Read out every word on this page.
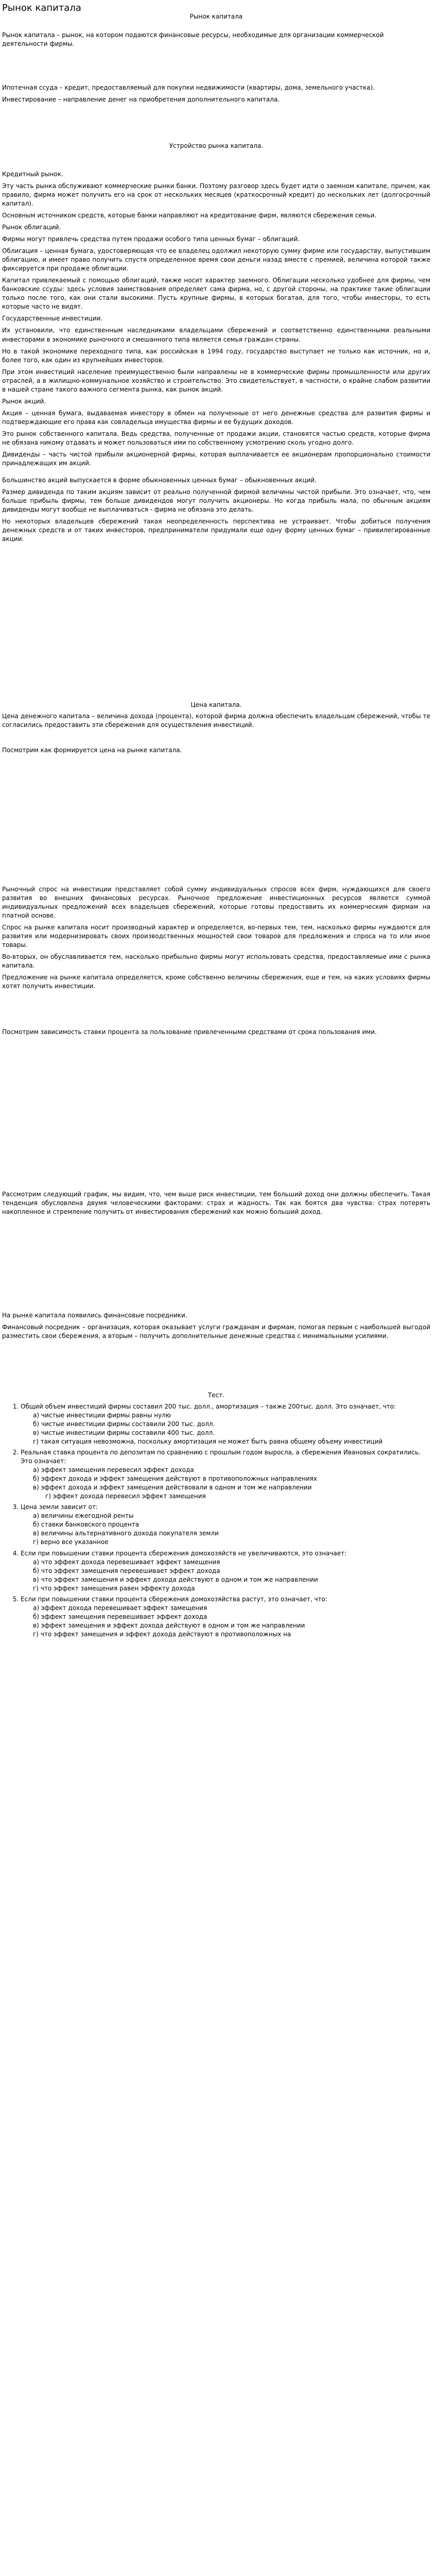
Рынок капитала
Рынок капитала

Рынок капитала – рынок, на котором подаются финансовые ресурсы, необходимые для организации коммерческой деятельности фирмы.

Ипотечная ссуда – кредит, предоставляемый для покупки недвижимости (квартиры, дома, земельного участка).

Инвестирование – направление денег на приобретения дополнительного капитала.

Устройство рынка капитала.

Кредитный рынок.

Эту часть рынка обслуживают коммерческие рынки банки. Поэтому разговор здесь будет идти о заемном капитале, причем, как правило, фирма может получить его на срок от нескольких месяцев (краткосрочный кредит) до нескольких лет (долгосрочный капитал).

Основным источником средств, которые банки направляют на кредитование фирм, являются сбережения семьи.

Рынок облигаций.

Фирмы могут привлечь средства путем продажи особого типа ценных бумаг – облигаций.

Облигация – ценная бумага, удостоверяющая что ее владелец одолжил некоторую сумму фирме или государству, выпустившим облигацию, и имеет право получить спустя определенное время свои деньги назад вместе с премией, величина которой также фиксируется при продаже облигации.

Капитал привлекаемый с помощью облигаций, также носит характер заемного. Облигации несколько удобнее для фирмы, чем банковские ссуды: здесь условия заимствования определяет сама фирма, но, с другой стороны, на практике такие облигации только после того, как они стали высокими. Пусть крупные фирмы, в которых богатая, для того, чтобы инвесторы, то есть которые часто не видят.

Государственные инвестиции.

Их установили, что единственным наследниками владельцами сбережений и соответственно единственными реальными инвесторами в экономике рыночного и смешанного типа является семья граждан страны.

Но в такой экономике переходного типа, как российская в 1994 году, государство выступает не только как источник, но и, более того, как один из крупнейших инвесторов.

При этом инвестиций население преимущественно были направлены не в коммерческие фирмы промышленности или других отраслей, а в жилищно-коммунальное хозяйство и строительство. Это свидетельствует, в частности, о крайне слабом развитии в нашей стране такого важного сегмента рынка, как рынок акций.

Рынок акций.

Акция – ценная бумага, выдаваемая инвестору в обмен на полученные от него денежные средства для развития фирмы и подтверждающие его права как совладельца имущества фирмы и ее будущих доходов.

Это рынок собственного капитала. Ведь средства, полученные от продажи акции, становятся частью средств, которые фирма не обязана никому отдавать и может пользоваться ими по собственному усмотрению сколь угодно долго.

Дивиденды – часть чистой прибыли акционерной фирмы, которая выплачивается ее акционерам пропорционально стоимости принадлежащих им акций.

Большинство акций выпускается в форме обыкновенных ценных бумаг – обыкновенных акций.

Размер дивиденда по таким акциям зависит от реально полученной фирмой величины чистой прибыли. Это означает, что, чем больше прибыль фирмы, тем больше дивидендов могут получить акционеры. Но когда прибыль мала, по обычным акциям дивиденды могут вообще не выплачиваться - фирма не обязана это делать.

Но некоторых владельцев сбережений такая неопределенность перспектива не устраивает. Чтобы добиться получения денежных средств и от таких инвесторов, предприниматели придумали еще одну форму ценных бумаг – привилегированные акции.

Цена капитала.

Цена денежного капитала – величина дохода (процента), которой фирма должна обеспечить владельцам сбережений, чтобы те согласились предоставить эти сбережения для осуществления инвестиций.

Посмотрим как формируется цена на рынке капитала.

Рыночный спрос на инвестиции представляет собой сумму индивидуальных спросов всех фирм, нуждающихся для своего развития во внешних финансовых ресурсах. Рыночное предложение инвестиционных ресурсов является суммой индивидуальных предложений всех владельцев сбережений, которые готовы предоставить их коммерческим фирмам на платной основе.

Спрос на рынке капитала носит производный характер и определяется, во-первых тем, тем, насколько фирмы нуждаются для развития или модернизировать своих производственных мощностей свои товаров для предложения и спроса на то или иное товары.

Во-вторых, он обуславливается тем, насколько прибыльно фирмы могут использовать средства, предоставляемые ими с рынка капитала.

Предложение на рынке капитала определяется, кроме собственно величины сбережения, еще и тем, на каких условиях фирмы хотят получить инвестиции.

Посмотрим зависимость ставки процента за пользование привлеченными средствами от срока пользования ими.

Рассмотрим следующий график, мы видим, что, чем выше риск инвестиции, тем больший доход они должны обеспечить. Такая тенденция обусловлена двумя человеческими факторами: страх и жадность. Так как боятся два чувства: страх потерять накопленное и стремление получить от инвестирования сбережений как можно больший доход.

На рынке капитала появились финансовые посредники.

Финансовый посредник – организация, которая оказывает услуги гражданам и фирмам, помогая первым с наибольшей выгодой разместить свои сбережения, а вторым – получить дополнительные денежные средства с минимальными усилиями.

Тест.
1. Общий объем инвестиций фирмы составил 200 тыс. долл., амортизация – также 200тыс. долл. Это означает, что:
а) чистые инвестиции фирмы равны нулю
б) чистые инвестиции фирмы составили 200 тыс. долл.
в) чистые инвестиции фирмы составили 400 тыс. долл.
г) такая ситуация невозможна, поскольку амортизация не может быть равна общему объему инвестиций
2. Реальная ставка процента по депозитам по сравнению с прошлым годом выросла, а сбережения Ивановых сократились. Это означает:
а) эффект замещения перевесил эффект дохода
б) эффект дохода и эффект замещения действуют в противоположных направлениях
в) эффект дохода и эффект замещения действовали в одном и том же направлении
г) эффект дохода перевесил эффект замещения
3. Цена земли зависит от:
а) величины ежегодной ренты
б) ставки банковского процента
в) величины альтернативного дохода покупателя земли
г) верно все указанное
4. Если при повышении ставки процента сбережения домохозяйств не увеличиваются, это означает:
а) что эффект дохода перевешивает эффект замещения
б) что эффект замещения перевешивает эффект дохода
в) что эффект замещения и эффект дохода действуют в одном и том же направлении
г) что эффект замещения равен эффекту дохода
5. Если при повышении ставки процента сбережения домохозяйства растут, это означает, что:
а) эффект дохода перевешивает эффект замещения
б) эффект замещения перевешивает эффект дохода
в) эффект замещения и эффект дохода действуют в одном и том же направлении
г) что эффект замещения и эффект дохода действуют в противоположных на
